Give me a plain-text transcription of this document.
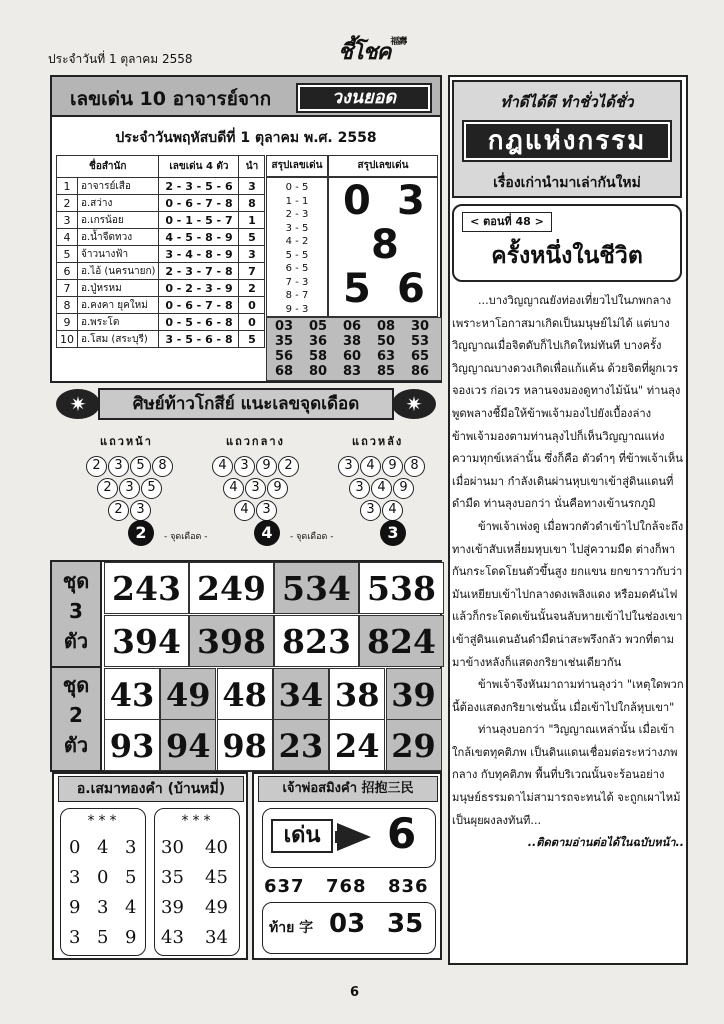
ประจำวันที่ 1 ตุลาคม 2558	ชี้โชค$^{福壽}$
เลขเด่น 10 อาจารย์จาก	วงนยอด
ประจำวันพฤหัสบดีที่ 1 ตุลาคม พ.ศ. 2558
ชื่อสำนัก		เลขเด่น 4 ตัว	นำ
1	อาจารย์เสือ	2 - 3 - 5 - 6	3
2	อ.สว่าง	0 - 6 - 7 - 8	8
3	อ.เกรน้อย	0 - 1 - 5 - 7	1
4	อ.น้ำจืดทวง	4 - 5 - 8 - 9	5
5	จ้าวนางฟ้า	3 - 4 - 8 - 9	3
6	อ.ไอ้ (นครนายก)	2 - 3 - 7 - 8	7
7	อ.ปู่หรหม	0 - 2 - 3 - 9	2
8	อ.คงคา ยุคใหม่	0 - 6 - 7 - 8	0
9	อ.พระโต	0 - 5 - 6 - 8	0
10	อ.โสม (สระบุรี)	3 - 5 - 6 - 8	5
สรุปเลขเด่น	สรุปเลขเด่น
0 - 5
1 - 1
2 - 3
3 - 5
4 - 2
5 - 5
6 - 5
7 - 3
8 - 7
9 - 3
0 3
8
5 6
03 05 06 08 30
35 36 38 50 53
56 58 60 63 65
68 80 83 85 86
✷	ศิษย์ท้าวโกสีย์ แนะเลขจุดเดือด	✷
แถวหน้า
2	3	5	8
2	3	5
2	3
2	- จุดเดือด -
แถวกลาง
4	3	9	2
4	3	9
4	3
4	- จุดเดือด -
แถวหลัง
3	4	9	8
3	4	9
3	4
3
ชุด
3
ตัว
ชุด
2
ตัว
243 249 534 538
394 398 823 824
43 49 48 34 38 39
93 94 98 23 24 29
อ.เสมาทองคำ (บ้านหมี่)
***
0 4 3
3 0 5
9 3 4
3 5 9
***
30 40
35 45
39 49
43 34
เจ้าพ่อสมิงคำ 招抱三民
เด่น 6
637 768 836
ท้าย 字 03 35
ทำดีได้ดี ทำชั่วได้ชั่ว
กฎแห่งกรรม
เรื่องเก่านำมาเล่ากันใหม่
< ตอนที่ 48 >
ครั้งหนึ่งในชีวิต

...บางวิญญาณยังท่องเที่ยวไปในภพกลาง เพราะหาโอกาสมาเกิดเป็นมนุษย์ไม่ได้ แต่บางวิญญาณเมื่อจิตดับก็ไปเกิดใหม่ทันที บางครั้งวิญญาณบางดวงเกิดเพื่อแก้แค้น ด้วยจิตที่ผูกเวร จองเวร ก่อเวร หลานจงมองดูทางไม้น้น" ท่านลุงพูดพลางชี้มือให้ข้าพเจ้ามองไปยังเบื้องล่าง ข้าพเจ้ามองตามท่านลุงไปก็เห็นวิญญาณแห่งความทุกข์เหล่านั้น ซึ่งก็คือ ตัวดำๆ ที่ข้าพเจ้าเห็นเมื่อผ่านมา กำลังเดินผ่านหุบเขาเข้าสู่ดินแดนที่ดำมืด ท่านลุงบอกว่า นั่นคือทางเข้านรกภูมิ

ข้าพเจ้าเพ่งดู เมื่อพวกตัวดำเข้าไปใกล้จะถึงทางเข้าสับเหลี่ยมหุบเขา ไปสู่ความมืด ต่างก็พากันกระโดดโยนตัวขึ้นสูง ยกแขน ยกขาราวกับว่า มันเหยียบเข้าไปกลางดงเพลิงแดง หรือมดคันไฟ แล้วก็กระโดดเข้นนั้นจนลับหายเข้าไปในช่องเขา เข้าสู่ดินแดนอันดำมืดน่าสะพรึงกลัว พวกที่ตามมาข้างหลังก็แสดงกริยาเช่นเดียวกัน

ข้าพเจ้าจึงหันมาถามท่านลุงว่า "เหตุใดพวกนี้ต้องแสดงกริยาเช่นนั้น เมื่อเข้าไปใกล้หุบเขา"

ท่านลุงบอกว่า "วิญญาณเหล่านั้น เมื่อเข้าใกล้เขตทุคติภพ เป็นดินแดนเชื่อมต่อระหว่างภพกลาง กับทุคติภพ พื้นที่บริเวณนั้นจะร้อนอย่างมนุษย์ธรรมดาไม่สามารถจะทนได้ จะถูกเผาไหม้เป็นผุยผงลงทันที...

..ติดตามอ่านต่อได้ในฉบับหน้า..

6
